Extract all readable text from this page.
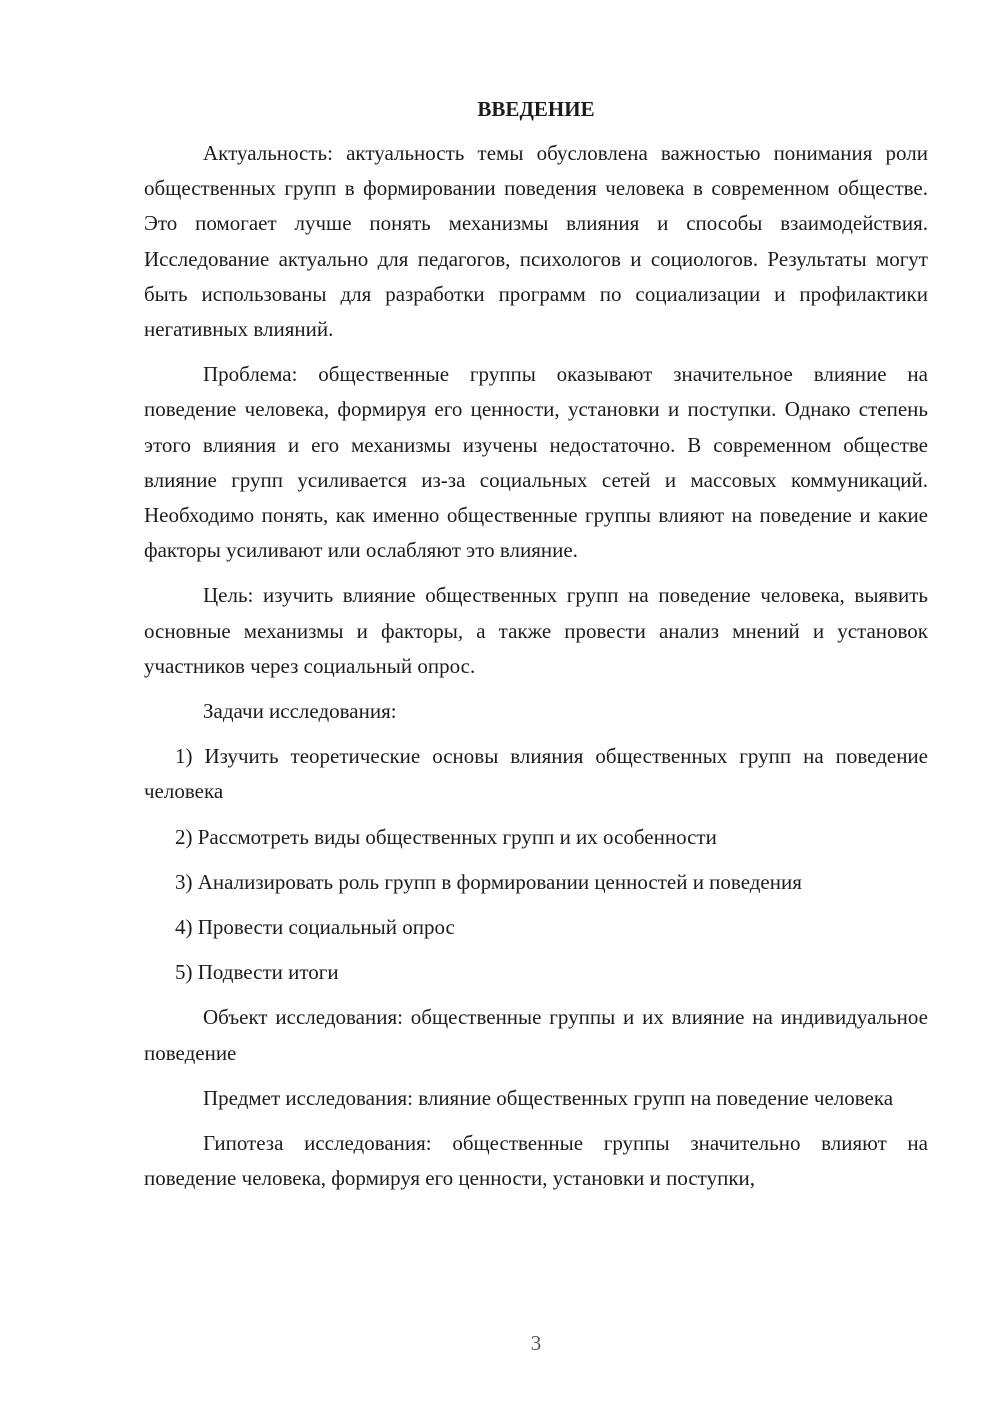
ВВЕДЕНИЕ

Актуальность: актуальность темы обусловлена важностью понимания роли общественных групп в формировании поведения человека в современном обществе. Это помогает лучше понять механизмы влияния и способы взаимодействия. Исследование актуально для педагогов, психологов и социологов. Результаты могут быть использованы для разработки программ по социализации и профилактики негативных влияний.

Проблема: общественные группы оказывают значительное влияние на поведение человека, формируя его ценности, установки и поступки. Однако степень этого влияния и его механизмы изучены недостаточно. В современном обществе влияние групп усиливается из-за социальных сетей и массовых коммуникаций. Необходимо понять, как именно общественные группы влияют на поведение и какие факторы усиливают или ослабляют это влияние.

Цель: изучить влияние общественных групп на поведение человека, выявить основные механизмы и факторы, а также провести анализ мнений и установок участников через социальный опрос.

Задачи исследования:

1) Изучить теоретические основы влияния общественных групп на поведение человека

2) Рассмотреть виды общественных групп и их особенности

3) Анализировать роль групп в формировании ценностей и поведения

4) Провести социальный опрос

5) Подвести итоги

Объект исследования: общественные группы и их влияние на индивидуальное поведение

Предмет исследования: влияние общественных групп на поведение человека

Гипотеза исследования: общественные группы значительно влияют на поведение человека, формируя его ценности, установки и поступки,

3
